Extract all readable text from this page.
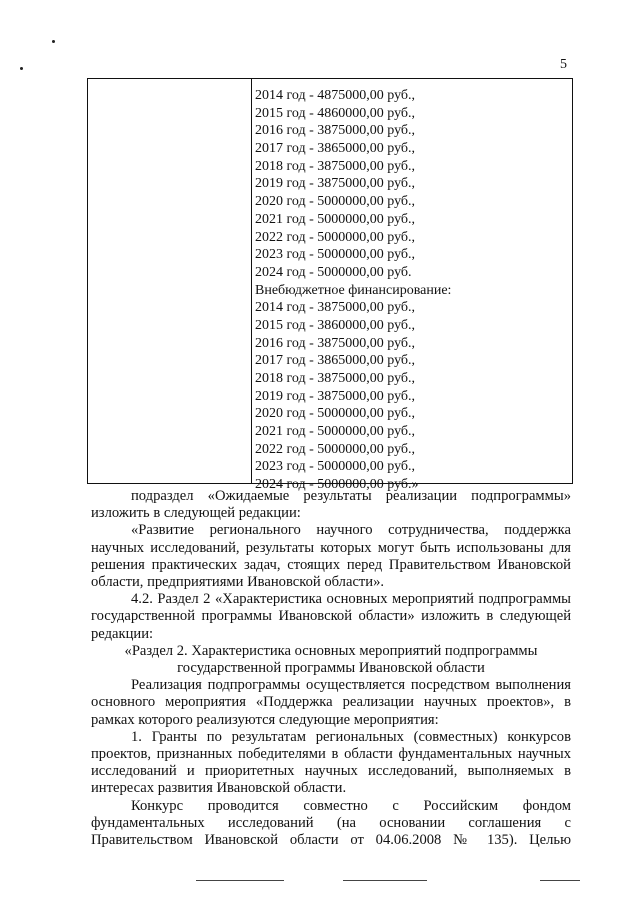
5
2014 год - 4875000,00 руб.,
2015 год - 4860000,00 руб.,
2016 год - 3875000,00 руб.,
2017 год - 3865000,00 руб.,
2018 год - 3875000,00 руб.,
2019 год - 3875000,00 руб.,
2020 год - 5000000,00 руб.,
2021 год - 5000000,00 руб.,
2022 год - 5000000,00 руб.,
2023 год - 5000000,00 руб.,
2024 год - 5000000,00 руб.
Внебюджетное финансирование:
2014 год - 3875000,00 руб.,
2015 год - 3860000,00 руб.,
2016 год - 3875000,00 руб.,
2017 год - 3865000,00 руб.,
2018 год - 3875000,00 руб.,
2019 год - 3875000,00 руб.,
2020 год - 5000000,00 руб.,
2021 год - 5000000,00 руб.,
2022 год - 5000000,00 руб.,
2023 год - 5000000,00 руб.,
2024 год - 5000000,00 руб.»

подраздел «Ожидаемые результаты реализации подпрограммы»

изложить в следующей редакции:

«Развитие регионального научного сотрудничества, поддержка

научных исследований, результаты которых могут быть использованы для

решения практических задач, стоящих перед Правительством Ивановской

области, предприятиями Ивановской области».

4.2. Раздел 2 «Характеристика основных мероприятий подпрограммы

государственной программы Ивановской области» изложить в следующей

редакции:

«Раздел 2. Характеристика основных мероприятий подпрограммы

государственной программы Ивановской области

Реализация подпрограммы осуществляется посредством выполнения

основного мероприятия «Поддержка реализации научных проектов», в

рамках которого реализуются следующие мероприятия:

1. Гранты по результатам региональных (совместных) конкурсов

проектов, признанных победителями в области фундаментальных научных

исследований и приоритетных научных исследований, выполняемых в

интересах развития Ивановской области.

Конкурс проводится совместно с Российским фондом

фундаментальных исследований (на основании соглашения с

Правительством Ивановской области от 04.06.2008 № 135). Целью
